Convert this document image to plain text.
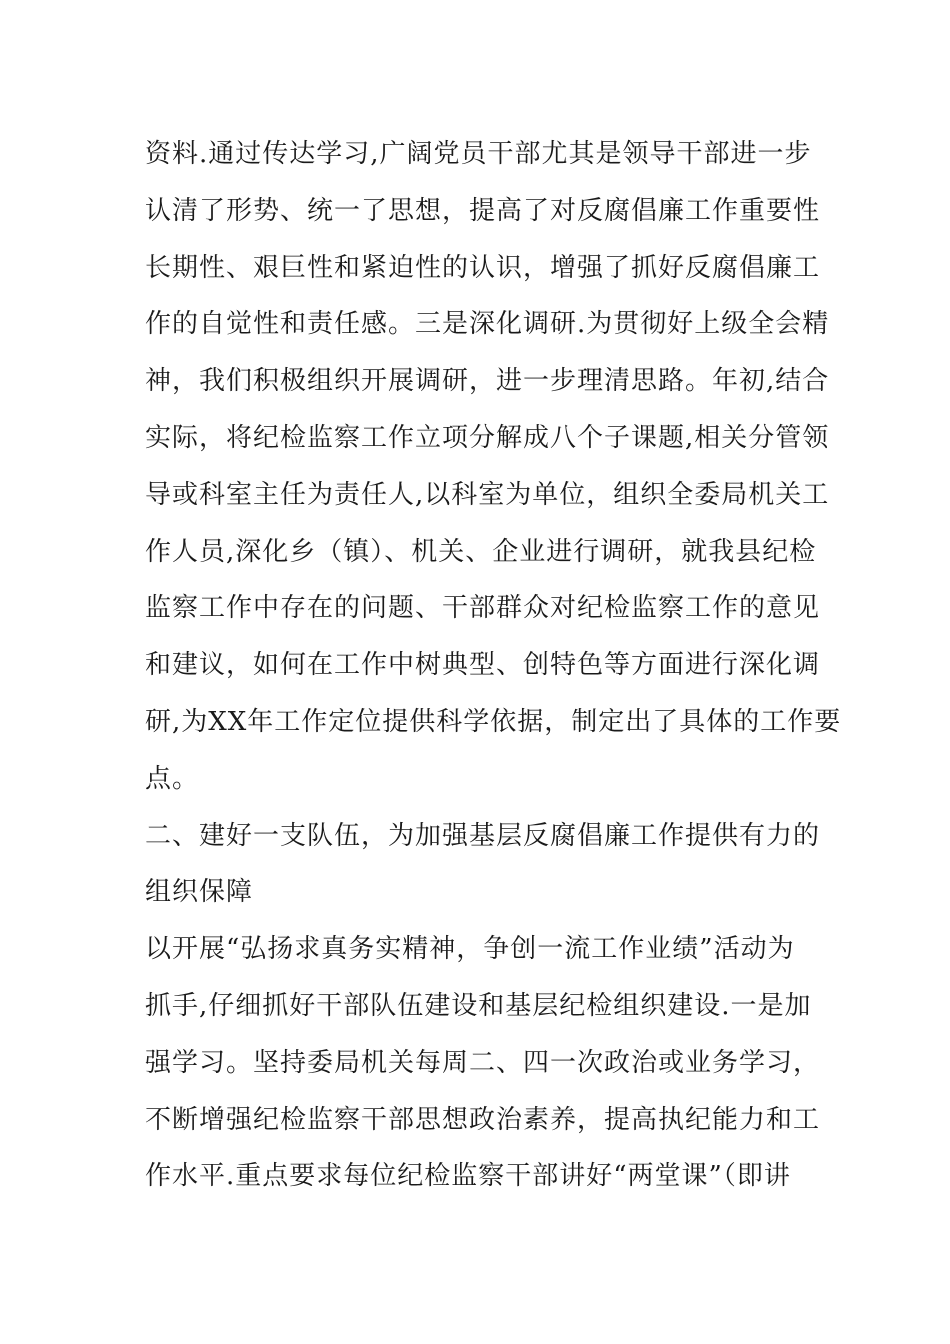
资料.通过传达学习,广阔党员干部尤其是领导干部进一步
认清了形势、统一了思想，提高了对反腐倡廉工作重要性
长期性、艰巨性和紧迫性的认识，增强了抓好反腐倡廉工
作的自觉性和责任感。三是深化调研.为贯彻好上级全会精
神，我们积极组织开展调研，进一步理清思路。年初,结合
实际，将纪检监察工作立项分解成八个子课题,相关分管领
导或科室主任为责任人,以科室为单位，组织全委局机关工
作人员,深化乡（镇）、机关、企业进行调研，就我县纪检
监察工作中存在的问题、干部群众对纪检监察工作的意见
和建议，如何在工作中树典型、创特色等方面进行深化调
研,为XX年工作定位提供科学依据，制定出了具体的工作要
点。
二、建好一支队伍，为加强基层反腐倡廉工作提供有力的
组织保障
以开展“弘扬求真务实精神，争创一流工作业绩”活动为
抓手,仔细抓好干部队伍建设和基层纪检组织建设.一是加
强学习。坚持委局机关每周二、四一次政治或业务学习，
不断增强纪检监察干部思想政治素养，提高执纪能力和工
作水平.重点要求每位纪检监察干部讲好“两堂课”（即讲
